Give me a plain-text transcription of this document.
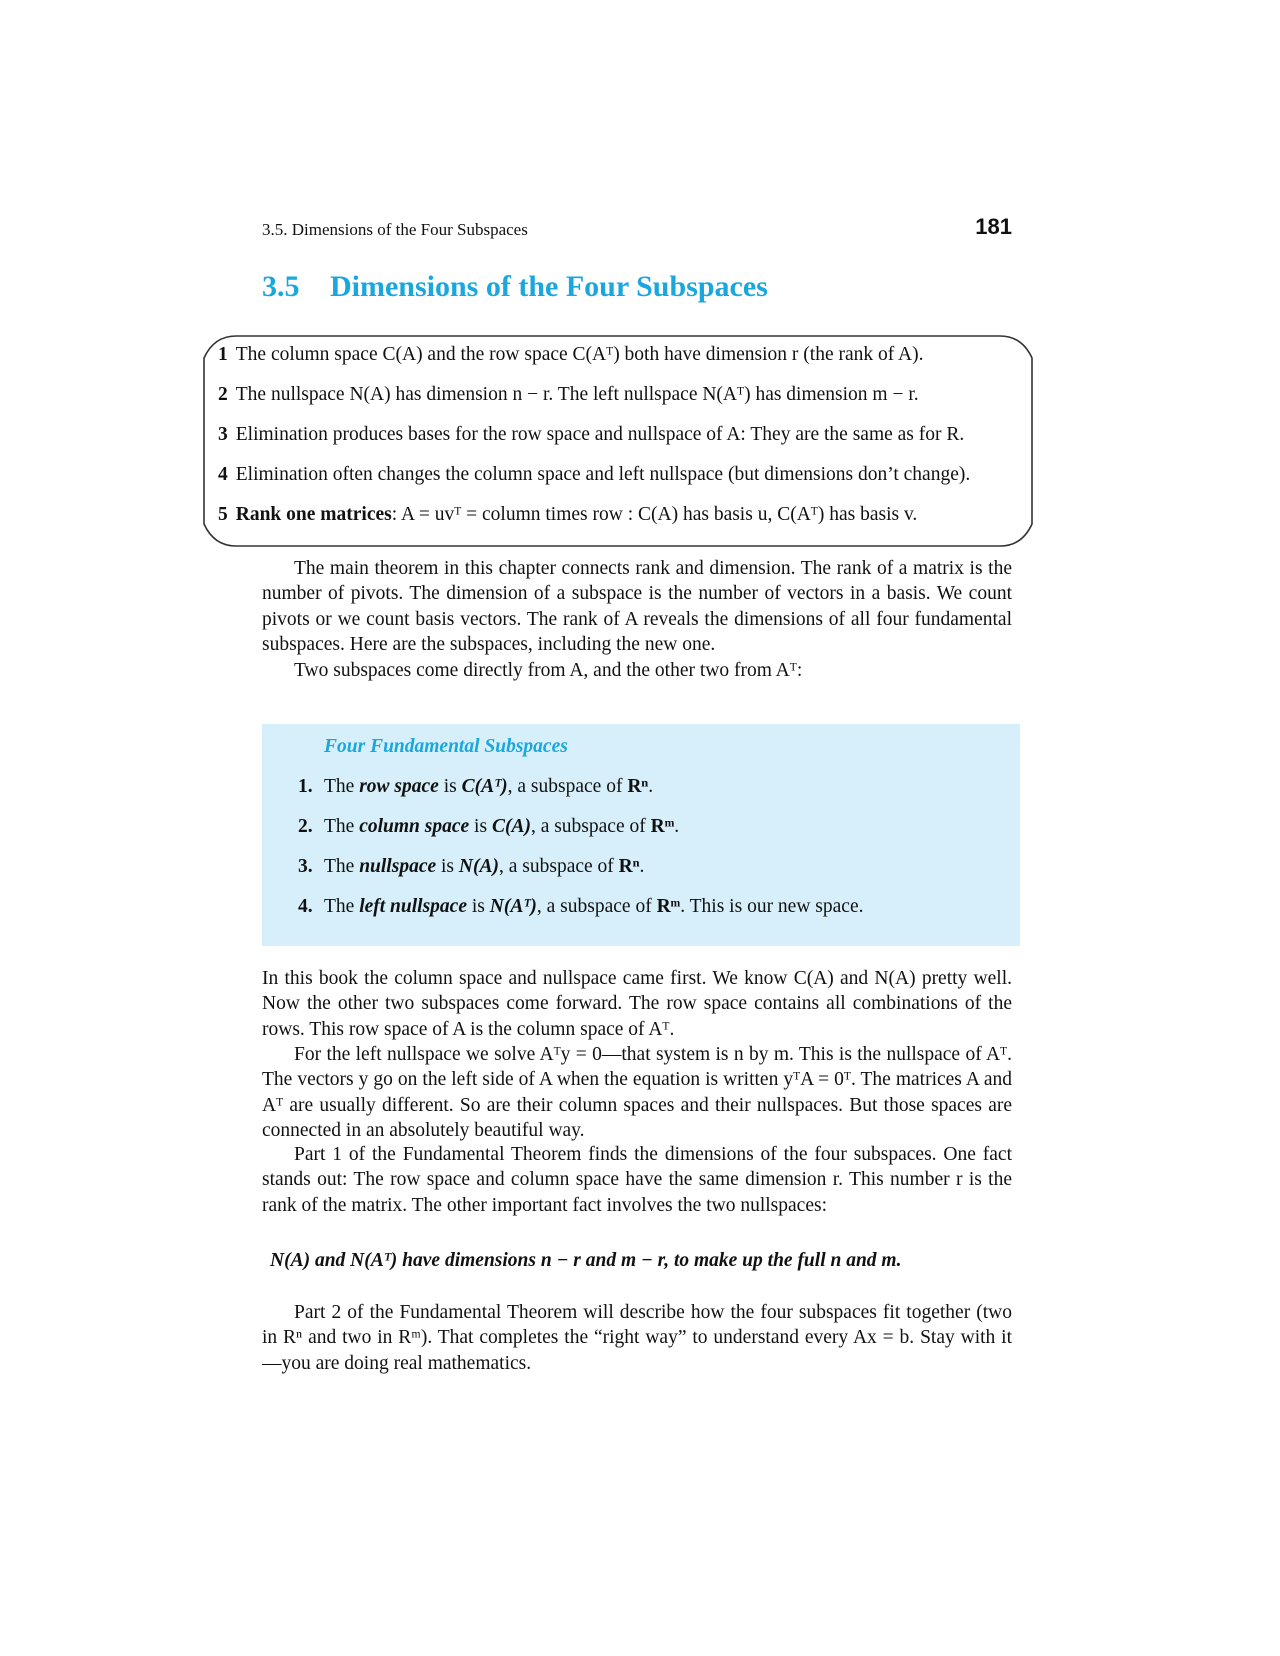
3.5. Dimensions of the Four Subspaces	181
3.5 Dimensions of the Four Subspaces
1 The column space C(A) and the row space C(Aᵀ) both have dimension r (the rank of A).
2 The nullspace N(A) has dimension n − r. The left nullspace N(Aᵀ) has dimension m − r.
3 Elimination produces bases for the row space and nullspace of A: They are the same as for R.
4 Elimination often changes the column space and left nullspace (but dimensions don’t change).
5 Rank one matrices: A = uvᵀ = column times row : C(A) has basis u, C(Aᵀ) has basis v.

The main theorem in this chapter connects rank and dimension. The rank of a matrix is the number of pivots. The dimension of a subspace is the number of vectors in a basis. We count pivots or we count basis vectors. The rank of A reveals the dimensions of all four fundamental subspaces. Here are the subspaces, including the new one.

Two subspaces come directly from A, and the other two from Aᵀ:

Four Fundamental Subspaces
1. The row space is C(Aᵀ), a subspace of Rⁿ.
2. The column space is C(A), a subspace of Rᵐ.
3. The nullspace is N(A), a subspace of Rⁿ.
4. The left nullspace is N(Aᵀ), a subspace of Rᵐ. This is our new space.

In this book the column space and nullspace came first. We know C(A) and N(A) pretty well. Now the other two subspaces come forward. The row space contains all combinations of the rows. This row space of A is the column space of Aᵀ.

For the left nullspace we solve Aᵀy = 0—that system is n by m. This is the nullspace of Aᵀ. The vectors y go on the left side of A when the equation is written yᵀA = 0ᵀ. The matrices A and Aᵀ are usually different. So are their column spaces and their nullspaces. But those spaces are connected in an absolutely beautiful way.

Part 1 of the Fundamental Theorem finds the dimensions of the four subspaces. One fact stands out: The row space and column space have the same dimension r. This number r is the rank of the matrix. The other important fact involves the two nullspaces:

N(A) and N(Aᵀ) have dimensions n − r and m − r, to make up the full n and m.

Part 2 of the Fundamental Theorem will describe how the four subspaces fit together (two in Rⁿ and two in Rᵐ). That completes the “right way” to understand every Ax = b. Stay with it—you are doing real mathematics.
